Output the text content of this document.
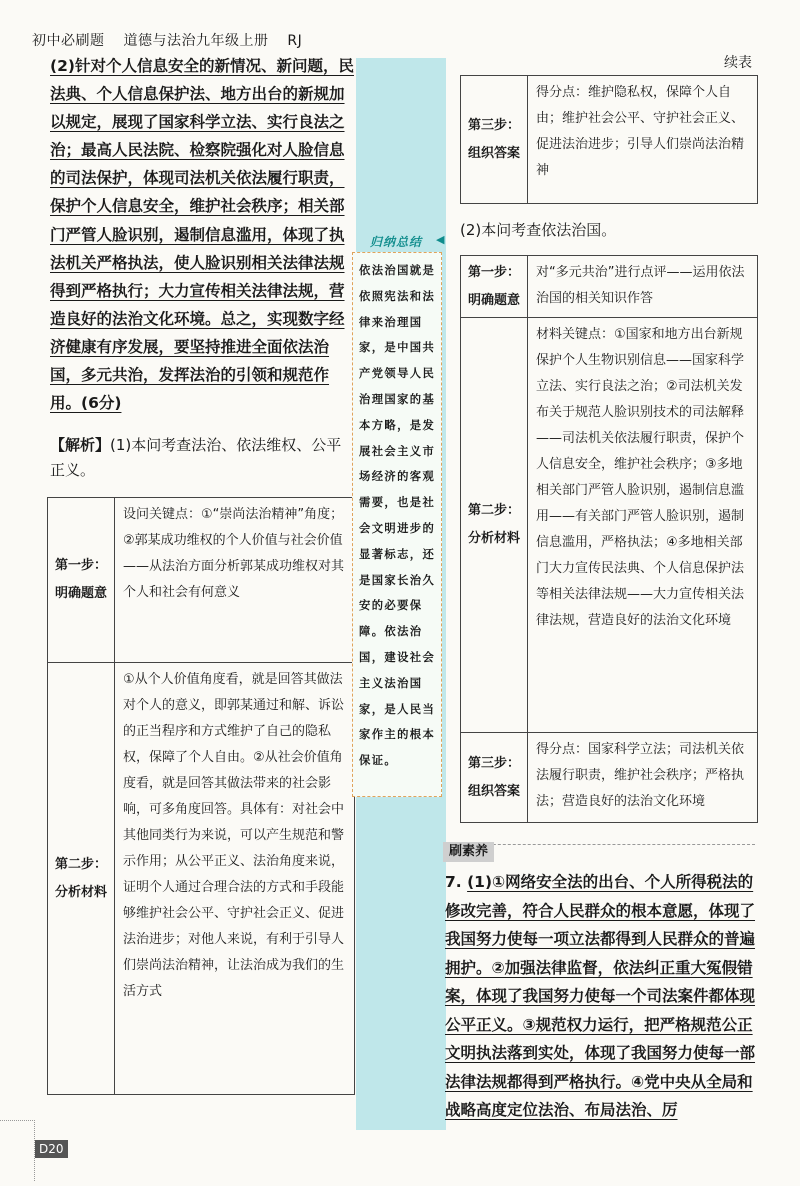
初中必刷题 道德与法治九年级上册 RJ
续表
(2)针对个人信息安全的新情况、新问题，民法典、个人信息保护法、地方出台的新规加以规定，展现了国家科学立法、实行良法之治；最高人民法院、检察院强化对人脸信息的司法保护，体现司法机关依法履行职责，保护个人信息安全，维护社会秩序；相关部门严管人脸识别，遏制信息滥用，体现了执法机关严格执法，使人脸识别相关法律法规得到严格执行；大力宣传相关法律法规，营造良好的法治文化环境。总之，实现数字经济健康有序发展，要坚持推进全面依法治国，多元共治，发挥法治的引领和规范作用。(6分)
【解析】(1)本问考查法治、依法维权、公平正义。
第一步：
明确题意	设问关键点：①“崇尚法治精神”角度；②郭某成功维权的个人价值与社会价值——从法治方面分析郭某成功维权对其个人和社会有何意义
第二步：
分析材料	①从个人价值角度看，就是回答其做法对个人的意义，即郭某通过和解、诉讼的正当程序和方式维护了自己的隐私权，保障了个人自由。②从社会价值角度看，就是回答其做法带来的社会影响，可多角度回答。具体有：对社会中其他同类行为来说，可以产生规范和警示作用；从公平正义、法治角度来说，证明个人通过合理合法的方式和手段能够维护社会公平、守护社会正义、促进法治进步；对他人来说，有利于引导人们崇尚法治精神，让法治成为我们的生活方式
归纳总结 ◀
依法治国就是依照宪法和法律来治理国家，是中国共产党领导人民治理国家的基本方略，是发展社会主义市场经济的客观需要，也是社会文明进步的显著标志，还是国家长治久安的必要保障。依法治国，建设社会主义法治国家，是人民当家作主的根本保证。
第三步：
组织答案	得分点：维护隐私权，保障个人自由；维护社会公平、守护社会正义、促进法治进步；引导人们崇尚法治精神
(2)本问考查依法治国。
第一步：
明确题意	对“多元共治”进行点评——运用依法治国的相关知识作答
第二步：
分析材料	材料关键点：①国家和地方出台新规保护个人生物识别信息——国家科学立法、实行良法之治；②司法机关发布关于规范人脸识别技术的司法解释——司法机关依法履行职责，保护个人信息安全，维护社会秩序；③多地相关部门严管人脸识别，遏制信息滥用——有关部门严管人脸识别，遏制信息滥用，严格执法；④多地相关部门大力宣传民法典、个人信息保护法等相关法律法规——大力宣传相关法律法规，营造良好的法治文化环境
第三步：
组织答案	得分点：国家科学立法；司法机关依法履行职责，维护社会秩序；严格执法；营造良好的法治文化环境
刷素养
7. (1)①网络安全法的出台、个人所得税法的修改完善，符合人民群众的根本意愿，体现了我国努力使每一项立法都得到人民群众的普遍拥护。②加强法律监督，依法纠正重大冤假错案，体现了我国努力使每一个司法案件都体现公平正义。③规范权力运行，把严格规范公正文明执法落到实处，体现了我国努力使每一部法律法规都得到严格执行。④党中央从全局和战略高度定位法治、布局法治、厉
D20
